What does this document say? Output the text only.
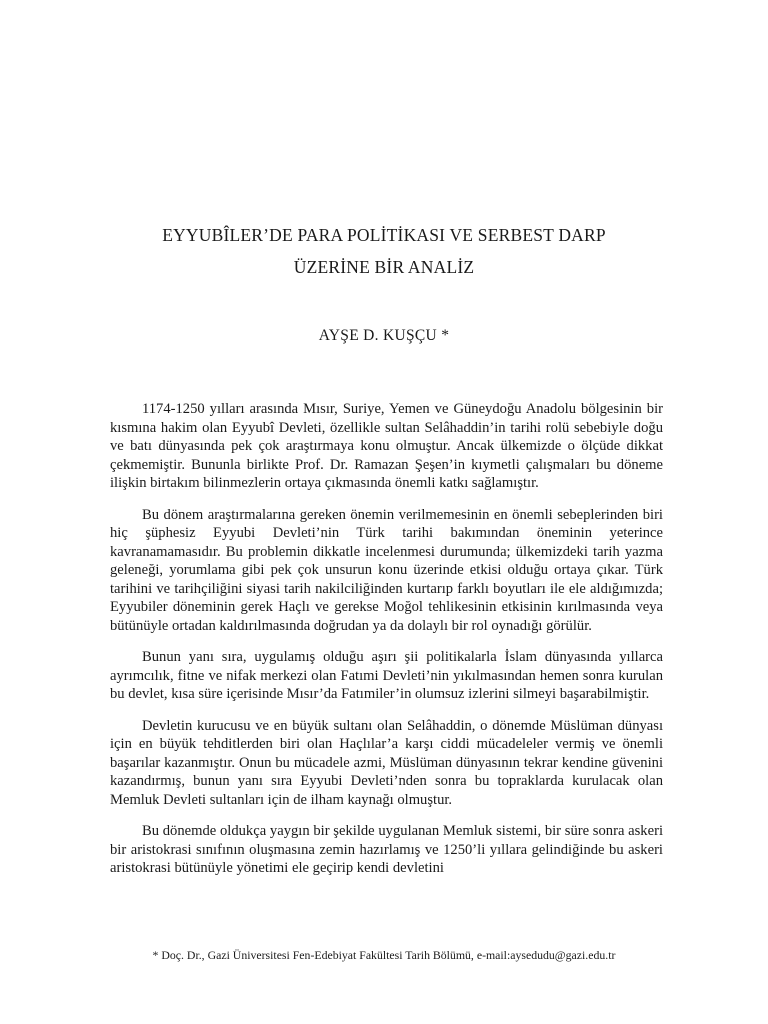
EYYUBÎLER’DE PARA POLİTİKASI VE SERBEST DARP
ÜZERİNE BİR ANALİZ
AYŞE D. KUŞÇU *

1174-1250 yılları arasında Mısır, Suriye, Yemen ve Güneydoğu Anadolu bölgesinin bir kısmına hakim olan Eyyubî Devleti, özellikle sultan Selâhaddin’in tarihi rolü sebebiyle doğu ve batı dünyasında pek çok araştırmaya konu olmuştur. Ancak ülkemizde o ölçüde dikkat çekmemiştir. Bununla birlikte Prof. Dr. Ramazan Şeşen’in kıymetli çalışmaları bu döneme ilişkin birtakım bilinmezlerin ortaya çıkmasında önemli katkı sağlamıştır.

Bu dönem araştırmalarına gereken önemin verilmemesinin en önemli sebeplerinden biri hiç şüphesiz Eyyubi Devleti’nin Türk tarihi bakımından öneminin yeterince kavranamamasıdır. Bu problemin dikkatle incelenmesi durumunda; ülkemizdeki tarih yazma geleneği, yorumlama gibi pek çok unsurun konu üzerinde etkisi olduğu ortaya çıkar. Türk tarihini ve tarihçiliğini siyasi tarih nakilciliğinden kurtarıp farklı boyutları ile ele aldığımızda; Eyyubiler döneminin gerek Haçlı ve gerekse Moğol tehlikesinin etkisinin kırılmasında veya bütünüyle ortadan kaldırılmasında doğrudan ya da dolaylı bir rol oynadığı görülür.

Bunun yanı sıra, uygulamış olduğu aşırı şii politikalarla İslam dünyasında yıllarca ayrımcılık, fitne ve nifak merkezi olan Fatımi Devleti’nin yıkılmasından hemen sonra kurulan bu devlet, kısa süre içerisinde Mısır’da Fatımiler’in olumsuz izlerini silmeyi başarabilmiştir.

Devletin kurucusu ve en büyük sultanı olan Selâhaddin, o dönemde Müslüman dünyası için en büyük tehditlerden biri olan Haçlılar’a karşı ciddi mücadeleler vermiş ve önemli başarılar kazanmıştır. Onun bu mücadele azmi, Müslüman dünyasının tekrar kendine güvenini kazandırmış, bunun yanı sıra Eyyubi Devleti’nden sonra bu topraklarda kurulacak olan Memluk Devleti sultanları için de ilham kaynağı olmuştur.

Bu dönemde oldukça yaygın bir şekilde uygulanan Memluk sistemi, bir süre sonra askeri bir aristokrasi sınıfının oluşmasına zemin hazırlamış ve 1250’li yıllara gelindiğinde bu askeri aristokrasi bütünüyle yönetimi ele geçirip kendi devletini

* Doç. Dr., Gazi Üniversitesi Fen-Edebiyat Fakültesi Tarih Bölümü, e-mail:aysedudu@gazi.edu.tr
